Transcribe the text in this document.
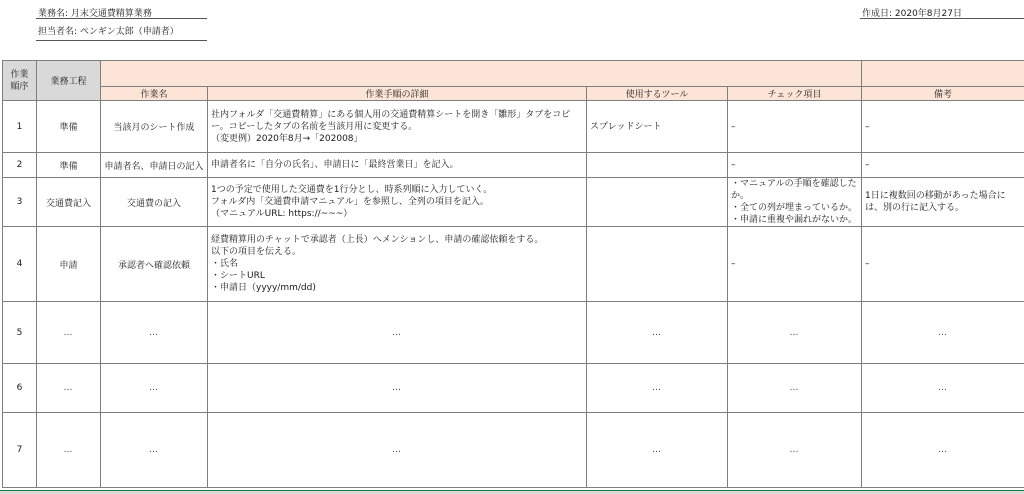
業務名: 月末交通費精算業務
担当者名: ペンギン太郎（申請者）
作成日: 2020年8月27日
作業
順序	業務工程					
		作業名	作業手順の詳細	使用するツール	チェック項目	備考
1	準備	当該月のシート作成	社内フォルダ「交通費精算」にある個人用の交通費精算シートを開き「雛形」タブをコピー。コピーしたタブの名前を当該月用に変更する。
（変更例）2020年8月→「202008」	スプレッドシート	–	–
2	準備	申請者名、申請日の記入	申請者名に「自分の氏名」、申請日に「最終営業日」を記入。		–	–
3	交通費記入	交通費の記入	1つの予定で使用した交通費を1行分とし、時系列順に入力していく。
フォルダ内「交通費申請マニュアル」を参照し、全列の項目を記入。
（マニュアルURL: https://~~~）		・マニュアルの手順を確認したか。
・全ての列が埋まっているか。
・申請に重複や漏れがないか。	1日に複数回の移動があった場合には、別の行に記入する。
4	申請	承認者へ確認依頼	経費精算用のチャットで承認者（上長）へメンションし、申請の確認依頼をする。
以下の項目を伝える。
・氏名
・シートURL
・申請日（yyyy/mm/dd)		–	–
5	…	…	…	…	…	…
6	…	…	…	…	…	…
7	…	…	…	…	…	…
